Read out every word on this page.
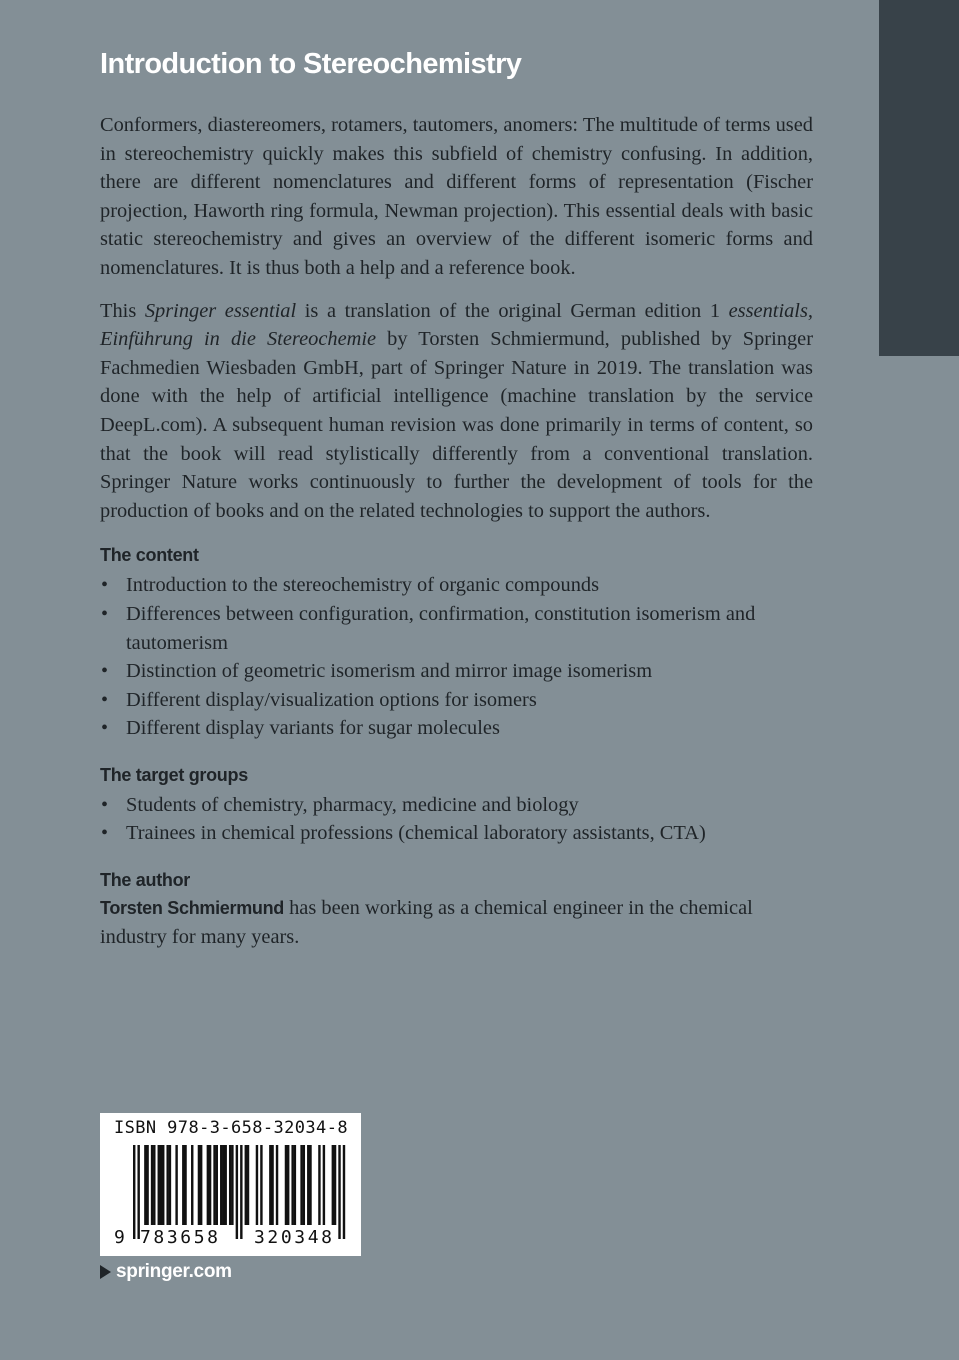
Introduction to Stereochemistry

Conformers, diastereomers, rotamers, tautomers, anomers: The multitude of terms used in stereochemistry quickly makes this subfield of chemistry confusing. In addition, there are different nomenclatures and different forms of representation (Fischer projection, Haworth ring formula, Newman projection). This essential deals with basic static stereochemistry and gives an overview of the different isomeric forms and nomenclatures. It is thus both a help and a reference book.

This Springer essential is a translation of the original German edition 1 essentials, Einführung in die Stereochemie by Torsten Schmiermund, published by Springer Fachmedien Wiesbaden GmbH, part of Springer Nature in 2019. The translation was done with the help of artificial intelligence (machine translation by the service DeepL.com). A subsequent human revision was done primarily in terms of content, so that the book will read stylistically differently from a conventional translation. Springer Nature works continuously to further the development of tools for the production of books and on the related technologies to support the authors.

The content
• Introduction to the stereochemistry of organic compounds
• Differences between configuration, confirmation, constitution isomerism and tautomerism
• Distinction of geometric isomerism and mirror image isomerism
• Different display/visualization options for isomers
• Different display variants for sugar molecules
The target groups
• Students of chemistry, pharmacy, medicine and biology
• Trainees in chemical professions (chemical laboratory assistants, CTA)
The author

Torsten Schmiermund has been working as a chemical engineer in the chemical industry for many years.

ISBN 978-3-658-32034-8
9 783658 320348
springer.com
